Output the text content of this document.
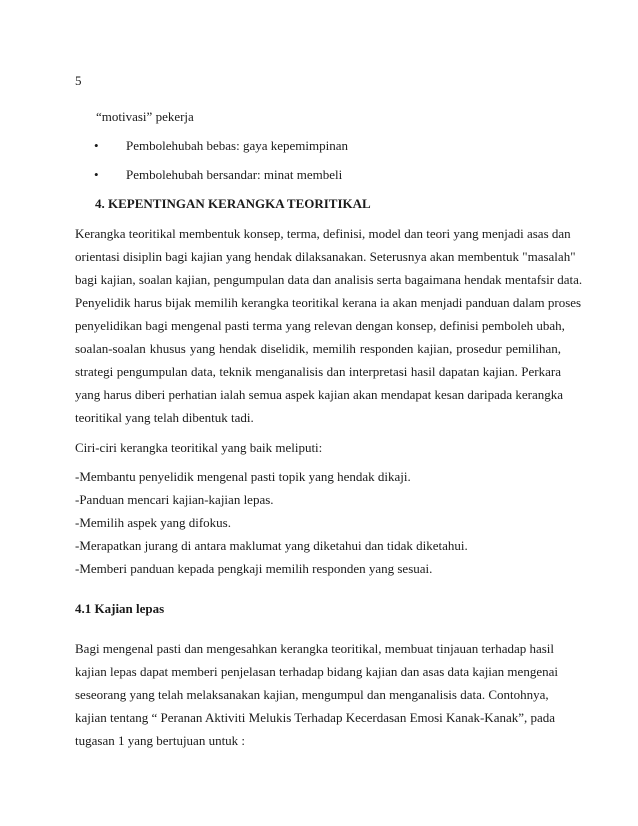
5
“motivasi” pekerja
• Pembolehubah bebas: gaya kepemimpinan
• Pembolehubah bersandar: minat membeli
4. KEPENTINGAN KERANGKA TEORITIKAL
Kerangka teoritikal membentuk konsep, terma, definisi, model dan teori yang menjadi asas dan
orientasi disiplin bagi kajian yang hendak dilaksanakan. Seterusnya akan membentuk "masalah"
bagi kajian, soalan kajian, pengumpulan data dan analisis serta bagaimana hendak mentafsir data.
Penyelidik harus bijak memilih kerangka teoritikal kerana ia akan menjadi panduan dalam proses
penyelidikan bagi mengenal pasti terma yang relevan dengan konsep, definisi pemboleh ubah,
soalan-soalan khusus yang hendak diselidik, memilih responden kajian, prosedur pemilihan,
strategi pengumpulan data, teknik menganalisis dan interpretasi hasil dapatan kajian. Perkara
yang harus diberi perhatian ialah semua aspek kajian akan mendapat kesan daripada kerangka
teoritikal yang telah dibentuk tadi.
Ciri-ciri kerangka teoritikal yang baik meliputi:
-Membantu penyelidik mengenal pasti topik yang hendak dikaji.
-Panduan mencari kajian-kajian lepas.
-Memilih aspek yang difokus.
-Merapatkan jurang di antara maklumat yang diketahui dan tidak diketahui.
-Memberi panduan kepada pengkaji memilih responden yang sesuai.
4.1 Kajian lepas
Bagi mengenal pasti dan mengesahkan kerangka teoritikal, membuat tinjauan terhadap hasil
kajian lepas dapat memberi penjelasan terhadap bidang kajian dan asas data kajian mengenai
seseorang yang telah melaksanakan kajian, mengumpul dan menganalisis data. Contohnya,
kajian tentang “ Peranan Aktiviti Melukis Terhadap Kecerdasan Emosi Kanak-Kanak”, pada
tugasan 1 yang bertujuan untuk :
